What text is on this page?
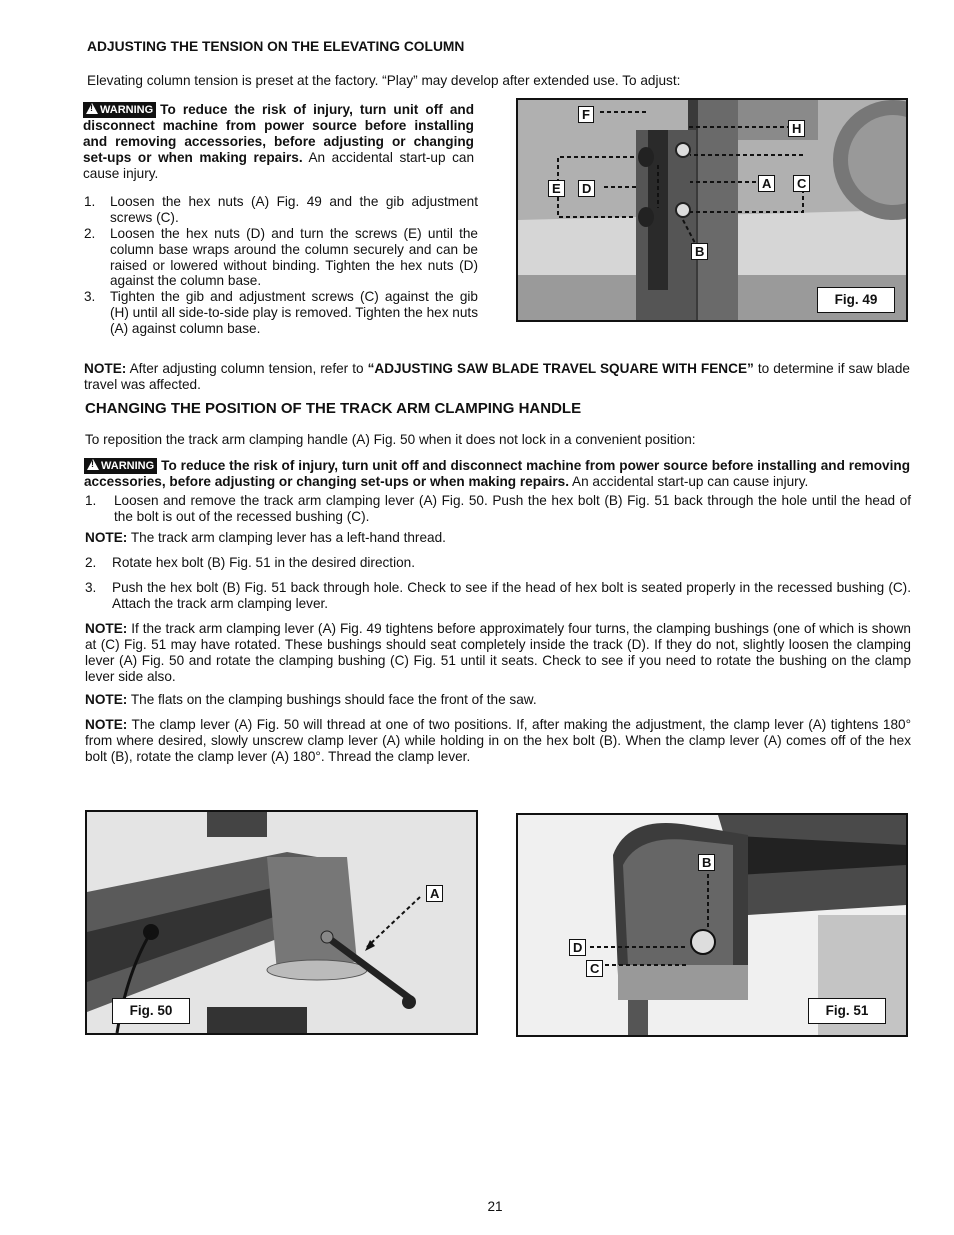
ADJUSTING THE TENSION ON THE ELEVATING COLUMN

Elevating column tension is preset at the factory. “Play” may develop after extended use. To adjust:

!WARNING To reduce the risk of injury, turn unit off and disconnect machine from power source before installing and removing accessories, before adjusting or changing set-ups or when making repairs. An accidental start-up can cause injury.
1. Loosen the hex nuts (A) Fig. 49 and the gib adjustment screws (C).
2. Loosen the hex nuts (D) and turn the screws (E) until the column base wraps around the column securely and can be raised or lowered without binding. Tighten the hex nuts (D) against the column base.
3. Tighten the gib and adjustment screws (C) against the gib (H) until all side-to-side play is removed. Tighten the hex nuts (A) against column base.
F
H
E	D	A	C
B
Fig. 49

NOTE: After adjusting column tension, refer to “ADJUSTING SAW BLADE TRAVEL SQUARE WITH FENCE” to determine if saw blade travel was affected.

CHANGING THE POSITION OF THE TRACK ARM CLAMPING HANDLE

To reposition the track arm clamping handle (A) Fig. 50 when it does not lock in a convenient position:

!WARNING To reduce the risk of injury, turn unit off and disconnect machine from power source before installing and removing accessories, before adjusting or changing set-ups or when making repairs. An accidental start-up can cause injury.
1. Loosen and remove the track arm clamping lever (A) Fig. 50. Push the hex bolt (B) Fig. 51 back through the hole until the head of the bolt is out of the recessed bushing (C).

NOTE: The track arm clamping lever has a left-hand thread.

2. Rotate hex bolt (B) Fig. 51 in the desired direction.
3. Push the hex bolt (B) Fig. 51 back through hole. Check to see if the head of hex bolt is seated properly in the recessed bushing (C). Attach the track arm clamping lever.

NOTE: If the track arm clamping lever (A) Fig. 49 tightens before approximately four turns, the clamping bushings (one of which is shown at (C) Fig. 51 may have rotated. These bushings should seat completely inside the track (D). If they do not, slightly loosen the clamping lever (A) Fig. 50 and rotate the clamping bushing (C) Fig. 51 until it seats. Check to see if you need to rotate the bushing on the clamp lever side also.

NOTE: The flats on the clamping bushings should face the front of the saw.

NOTE: The clamp lever (A) Fig. 50 will thread at one of two positions. If, after making the adjustment, the clamp lever (A) tightens 180° from where desired, slowly unscrew clamp lever (A) while holding in on the hex bolt (B). When the clamp lever (A) comes off of the hex bolt (B), rotate the clamp lever (A) 180°. Thread the clamp lever.

A
Fig. 50
B
D
C
Fig. 51
21
